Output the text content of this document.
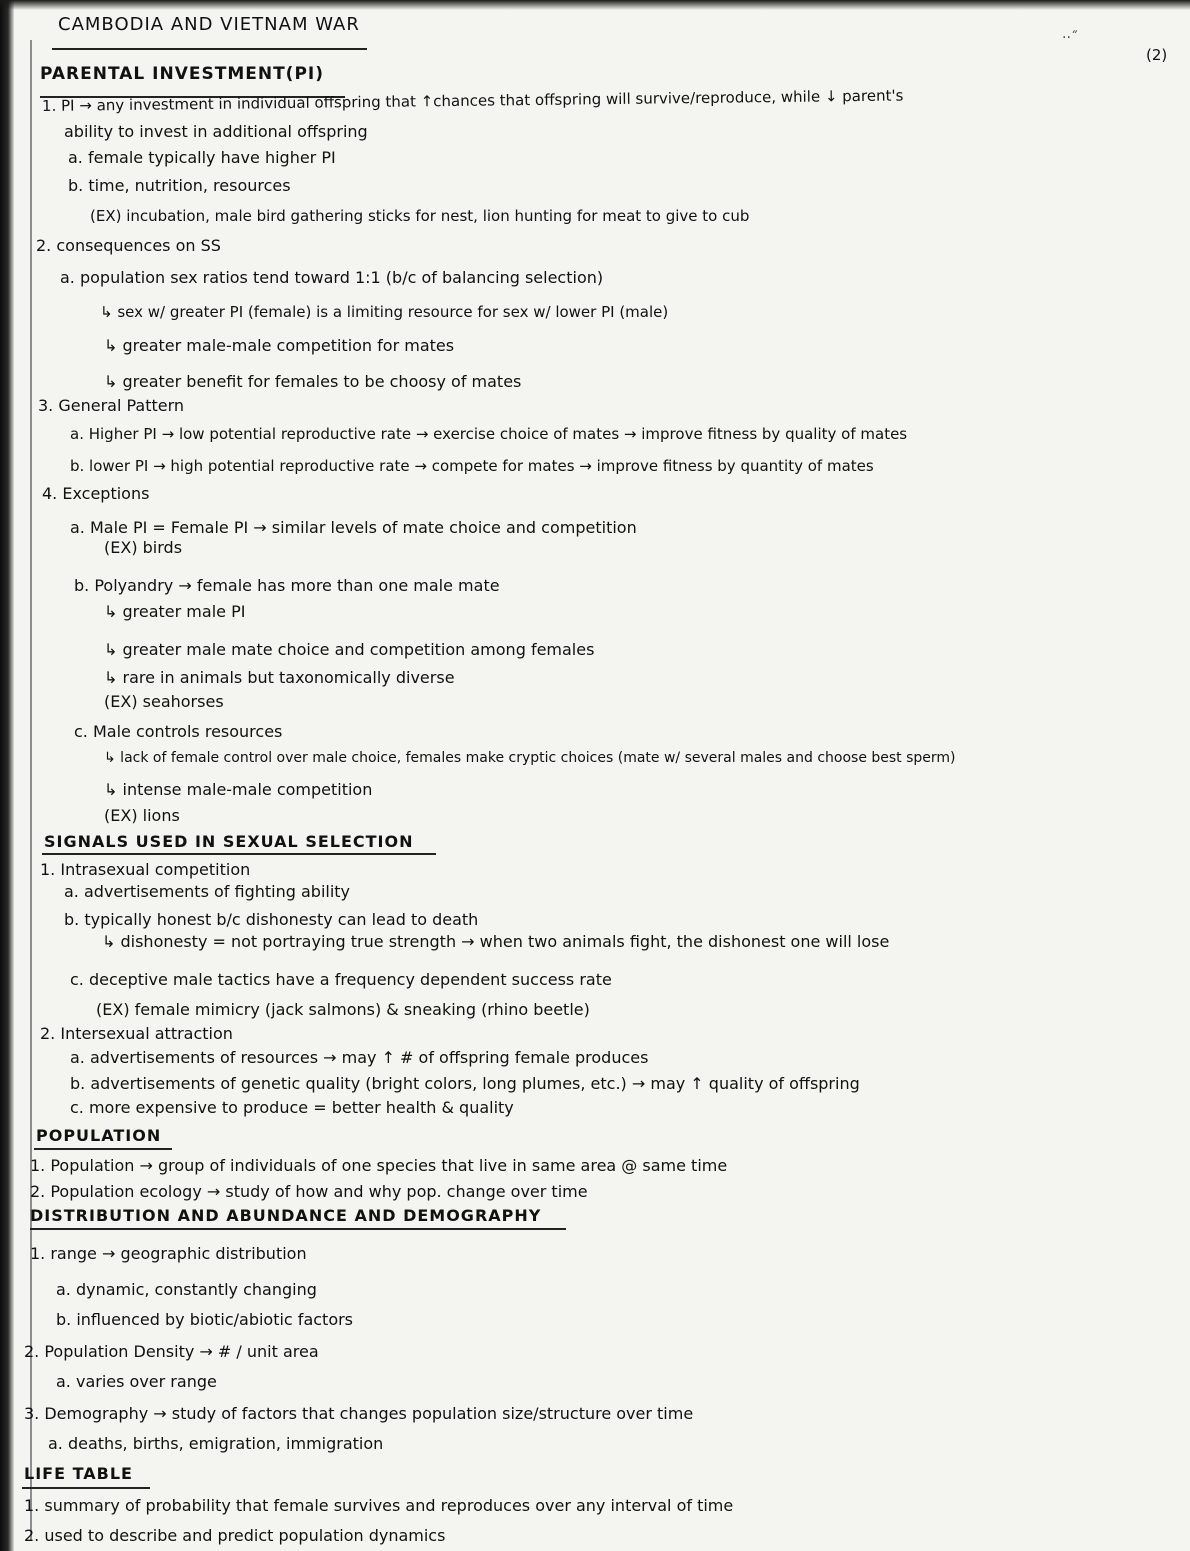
CAMBODIA AND VIETNAM WAR
··˝
(2)
PARENTAL INVESTMENT(PI)
1. PI → any investment in individual offspring that ↑chances that offspring will survive/reproduce, while ↓ parent's
ability to invest in additional offspring
a. female typically have higher PI
b. time, nutrition, resources
(EX) incubation, male bird gathering sticks for nest, lion hunting for meat to give to cub
2. consequences on SS
a. population sex ratios tend toward 1:1 (b/c of balancing selection)
↳ sex w/ greater PI (female) is a limiting resource for sex w/ lower PI (male)
↳ greater male-male competition for mates
↳ greater benefit for females to be choosy of mates
3. General Pattern
a. Higher PI → low potential reproductive rate → exercise choice of mates → improve fitness by quality of mates
b. lower PI → high potential reproductive rate → compete for mates → improve fitness by quantity of mates
4. Exceptions
a. Male PI = Female PI → similar levels of mate choice and competition
(EX) birds
b. Polyandry → female has more than one male mate
↳ greater male PI
↳ greater male mate choice and competition among females
↳ rare in animals but taxonomically diverse
(EX) seahorses
c. Male controls resources
↳ lack of female control over male choice, females make cryptic choices (mate w/ several males and choose best sperm)
↳ intense male-male competition
(EX) lions
SIGNALS USED IN SEXUAL SELECTION
1. Intrasexual competition
a. advertisements of fighting ability
b. typically honest b/c dishonesty can lead to death
↳ dishonesty = not portraying true strength → when two animals fight, the dishonest one will lose
c. deceptive male tactics have a frequency dependent success rate
(EX) female mimicry (jack salmons) & sneaking (rhino beetle)
2. Intersexual attraction
a. advertisements of resources → may ↑ # of offspring female produces
b. advertisements of genetic quality (bright colors, long plumes, etc.) → may ↑ quality of offspring
c. more expensive to produce = better health & quality
POPULATION
1. Population → group of individuals of one species that live in same area @ same time
2. Population ecology → study of how and why pop. change over time
DISTRIBUTION AND ABUNDANCE AND DEMOGRAPHY
1. range → geographic distribution
a. dynamic, constantly changing
b. influenced by biotic/abiotic factors
2. Population Density → # / unit area
a. varies over range
3. Demography → study of factors that changes population size/structure over time
a. deaths, births, emigration, immigration
LIFE TABLE
1. summary of probability that female survives and reproduces over any interval of time
2. used to describe and predict population dynamics
